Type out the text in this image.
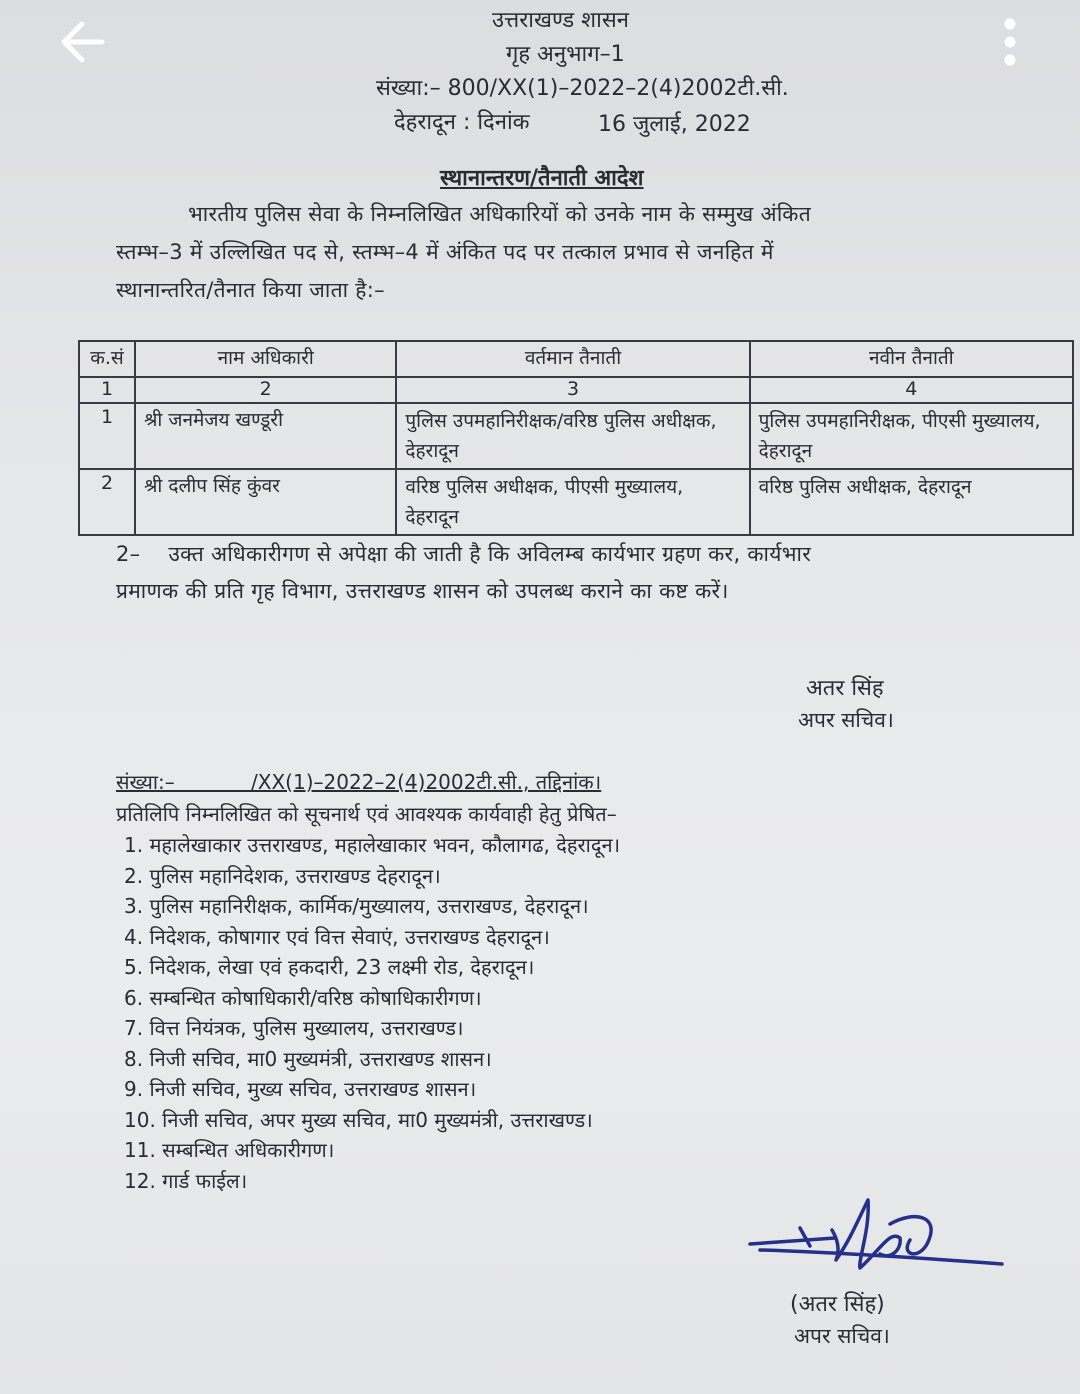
उत्तराखण्ड शासन
गृह अनुभाग–1
संख्या:– 800/XX(1)–2022–2(4)2002टी.सी.
देहरादून : दिनांक	16 जुलाई, 2022
स्थानान्तरण/तैनाती आदेश
भारतीय पुलिस सेवा के निम्नलिखित अधिकारियों को उनके नाम के सम्मुख अंकित
स्तम्भ–3 में उल्लिखित पद से, स्तम्भ–4 में अंकित पद पर तत्काल प्रभाव से जनहित में
स्थानान्तरित/तैनात किया जाता है:–
क.सं	नाम अधिकारी	वर्तमान तैनाती	नवीन तैनाती
1	2	3	4
1	श्री जनमेजय खण्डूरी	पुलिस उपमहानिरीक्षक/वरिष्ठ पुलिस अधीक्षक, देहरादून	पुलिस उपमहानिरीक्षक, पीएसी मुख्यालय, देहरादून
2	श्री दलीप सिंह कुंवर	वरिष्ठ पुलिस अधीक्षक, पीएसी मुख्यालय, देहरादून	वरिष्ठ पुलिस अधीक्षक, देहरादून
2–    उक्त अधिकारीगण से अपेक्षा की जाती है कि अविलम्ब कार्यभार ग्रहण कर, कार्यभार
प्रमाणक की प्रति गृह विभाग, उत्तराखण्ड शासन को उपलब्ध कराने का कष्ट करें।
अतर सिंह
अपर सचिव।
संख्या:–            /XX(1)–2022–2(4)2002टी.सी., तद्दिनांक।
प्रतिलिपि निम्नलिखित को सूचनार्थ एवं आवश्यक कार्यवाही हेतु प्रेषित–
1. महालेखाकार उत्तराखण्ड, महालेखाकार भवन, कौलागढ, देहरादून।
2. पुलिस महानिदेशक, उत्तराखण्ड देहरादून।
3. पुलिस महानिरीक्षक, कार्मिक/मुख्यालय, उत्तराखण्ड, देहरादून।
4. निदेशक, कोषागार एवं वित्त सेवाएं, उत्तराखण्ड देहरादून।
5. निदेशक, लेखा एवं हकदारी, 23 लक्ष्मी रोड, देहरादून।
6. सम्बन्धित कोषाधिकारी/वरिष्ठ कोषाधिकारीगण।
7. वित्त नियंत्रक, पुलिस मुख्यालय, उत्तराखण्ड।
8. निजी सचिव, मा0 मुख्यमंत्री, उत्तराखण्ड शासन।
9. निजी सचिव, मुख्य सचिव, उत्तराखण्ड शासन।
10. निजी सचिव, अपर मुख्य सचिव, मा0 मुख्यमंत्री, उत्तराखण्ड।
11. सम्बन्धित अधिकारीगण।
12. गार्ड फाईल।
(अतर सिंह)
अपर सचिव।
